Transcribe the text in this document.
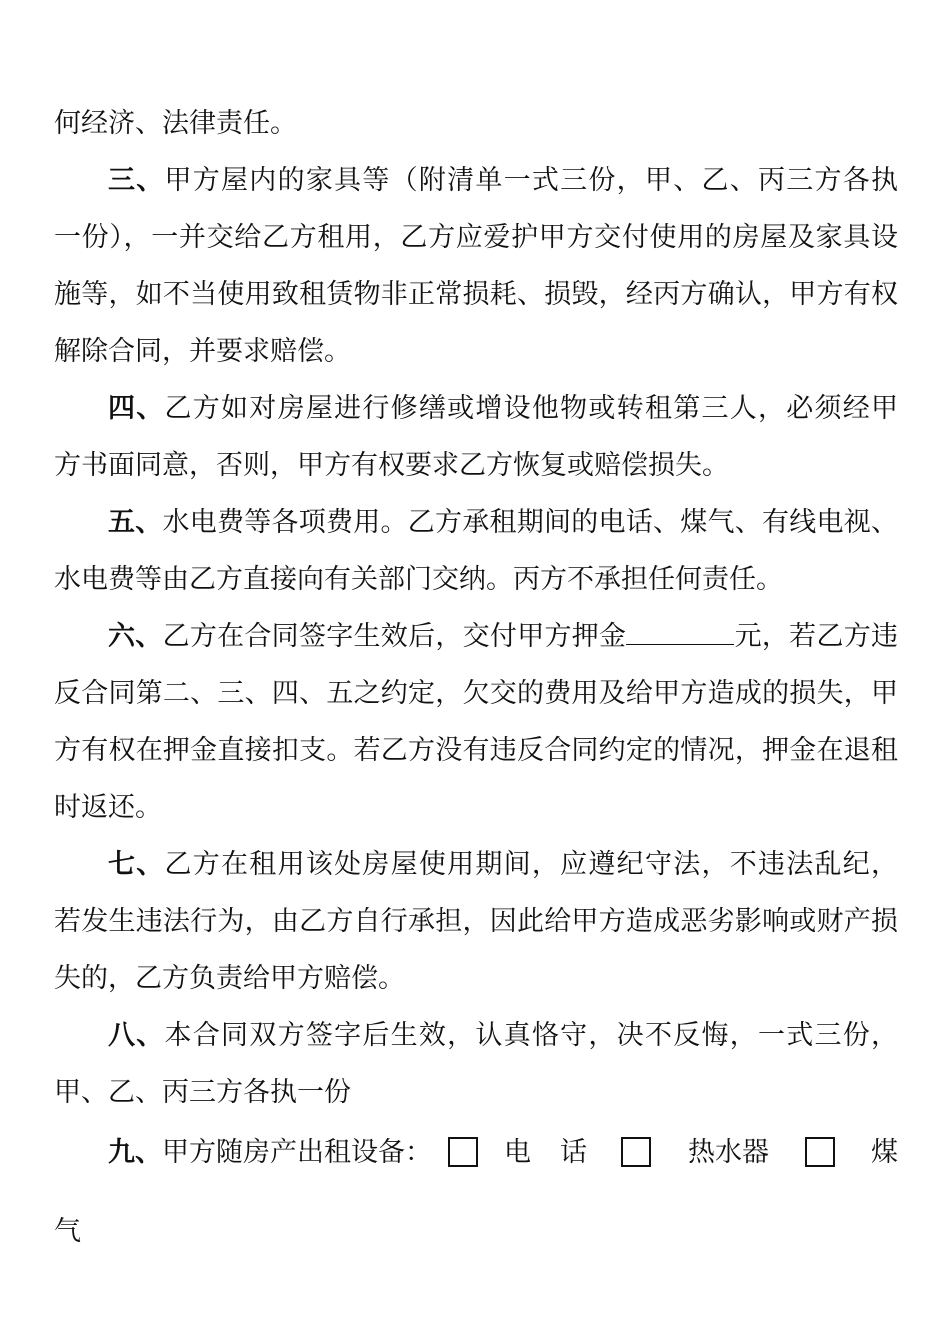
何经济、法律责任。
三、甲方屋内的家具等（附清单一式三份，甲、乙、丙三方各执
一份），一并交给乙方租用，乙方应爱护甲方交付使用的房屋及家具设
施等，如不当使用致租赁物非正常损耗、损毁，经丙方确认，甲方有权
解除合同，并要求赔偿。
四、乙方如对房屋进行修缮或增设他物或转租第三人，必须经甲
方书面同意，否则，甲方有权要求乙方恢复或赔偿损失。
五、水电费等各项费用。乙方承租期间的电话、煤气、有线电视、
水电费等由乙方直接向有关部门交纳。丙方不承担任何责任。
六、乙方在合同签字生效后，交付甲方押金	元，若乙方违
反合同第二、三、四、五之约定，欠交的费用及给甲方造成的损失，甲
方有权在押金直接扣支。若乙方没有违反合同约定的情况，押金在退租
时返还。
七、乙方在租用该处房屋使用期间，应遵纪守法，不违法乱纪，
若发生违法行为，由乙方自行承担，因此给甲方造成恶劣影响或财产损
失的，乙方负责给甲方赔偿。
八、本合同双方签字后生效，认真恪守，决不反悔，一式三份，
甲、乙、丙三方各执一份
九、 甲方随房产出租设备：	电 话	热水器	煤
气
